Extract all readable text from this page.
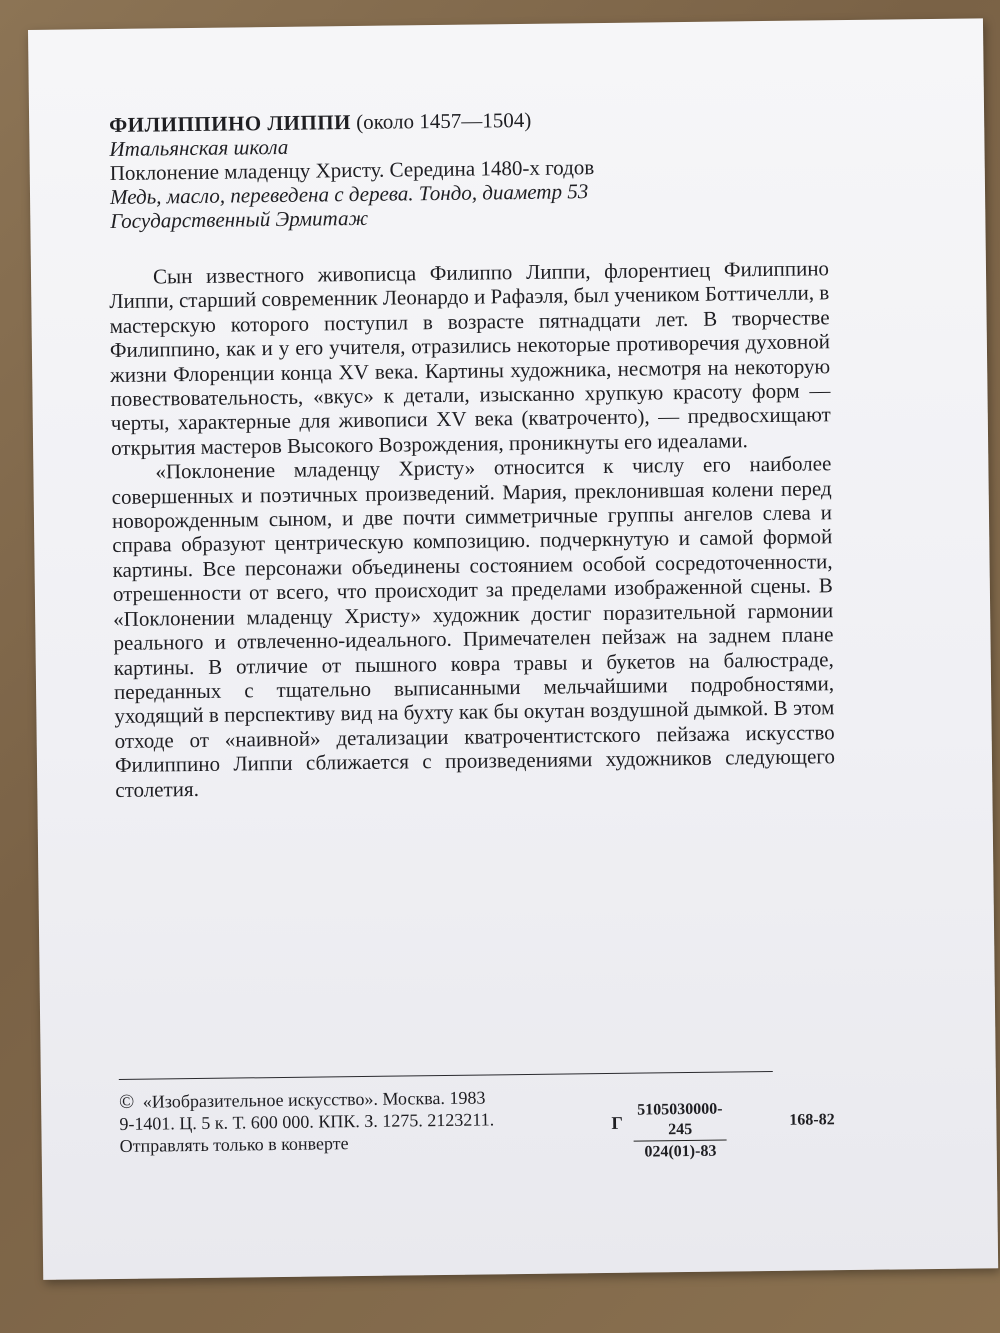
ФИЛИППИНО ЛИППИ (около 1457—1504)
Итальянская школа
Поклонение младенцу Христу. Середина 1480-х годов
Медь, масло, переведена с дерева. Тондо, диаметр 53
Государственный Эрмитаж

Сын известного живописца Филиппо Липпи, флорентиец Филиппино Липпи, старший современник Леонардо и Рафаэля, был учеником Боттичелли, в мастерскую которого поступил в возрасте пятнадцати лет. В творчестве Филиппино, как и у его учителя, отразились некоторые противоречия духовной жизни Флоренции конца XV века. Картины художника, несмотря на некоторую повествовательность, «вкус» к детали, изысканно хрупкую красоту форм — черты, характерные для живописи XV века (кватроченто), — предвосхищают открытия мастеров Высокого Возрождения, проникнуты его идеалами.

«Поклонение младенцу Христу» относится к числу его наиболее совершенных и поэтичных произведений. Мария, преклонившая колени перед новорожденным сыном, и две почти симметричные группы ангелов слева и справа образуют центрическую композицию. подчеркнутую и самой формой картины. Все персонажи объединены состоянием особой сосредоточенности, отрешенности от всего, что происходит за пределами изображенной сцены. В «Поклонении младенцу Христу» художник достиг поразительной гармонии реального и отвлеченно-идеального. Примечателен пейзаж на заднем плане картины. В отличие от пышного ковра травы и букетов на балюстраде, переданных с тщательно выписанными мельчайшими подробностями, уходящий в перспективу вид на бухту как бы окутан воздушной дымкой. В этом отходе от «наивной» детализации кватрочентистского пейзажа искусство Филиппино Липпи сближается с произведениями художников следующего столетия.

© «Изобразительное искусство». Москва. 1983
9-1401. Ц. 5 к. Т. 600 000. КПК. З. 1275. 2123211.
Отправлять только в конверте
Г $\frac{5105030000-245}{024(01)-83}$	168-82
